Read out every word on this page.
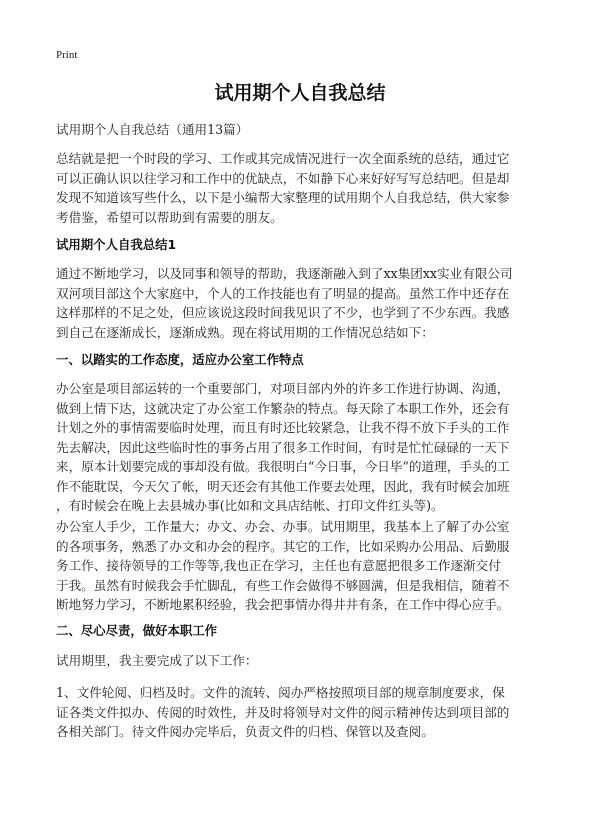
Print
试用期个人自我总结
试用期个人自我总结（通用13篇）
总结就是把一个时段的学习、工作或其完成情况进行一次全面系统的总结，通过它
可以正确认识以往学习和工作中的优缺点，不如静下心来好好写写总结吧。但是却
发现不知道该写些什么，以下是小编帮大家整理的试用期个人自我总结，供大家参
考借鉴，希望可以帮助到有需要的朋友。
试用期个人自我总结1
通过不断地学习，以及同事和领导的帮助，我逐渐融入到了xx集团xx实业有限公司
双河项目部这个大家庭中，个人的工作技能也有了明显的提高。虽然工作中还存在
这样那样的不足之处，但应该说这段时间我见识了不少，也学到了不少东西。我感
到自己在逐渐成长，逐渐成熟。现在将试用期的工作情况总结如下：
一、以踏实的工作态度，适应办公室工作特点
办公室是项目部运转的一个重要部门，对项目部内外的许多工作进行协调、沟通，
做到上情下达，这就决定了办公室工作繁杂的特点。每天除了本职工作外，还会有
计划之外的事情需要临时处理，而且有时还比较紧急，让我不得不放下手头的工作
先去解决，因此这些临时性的事务占用了很多工作时间，有时是忙忙碌碌的一天下
来，原本计划要完成的事却没有做。我很明白“今日事，今日毕”的道理，手头的工
作不能耽误，今天欠了帐，明天还会有其他工作要去处理，因此，我有时候会加班
，有时候会在晚上去县城办事(比如和文具店结帐、打印文件红头等)。
办公室人手少，工作量大；办文、办会、办事。试用期里，我基本上了解了办公室
的各项事务，熟悉了办文和办会的程序。其它的工作，比如采购办公用品、后勤服
务工作、接待领导的工作等等,我也正在学习，主任也有意愿把很多工作逐渐交付
于我。虽然有时候我会手忙脚乱，有些工作会做得不够圆满，但是我相信，随着不
断地努力学习，不断地累积经验，我会把事情办得井井有条，在工作中得心应手。
二、尽心尽责，做好本职工作
试用期里，我主要完成了以下工作：
1、文件轮阅、归档及时。文件的流转、阅办严格按照项目部的规章制度要求，保
证各类文件拟办、传阅的时效性，并及时将领导对文件的阅示精神传达到项目部的
各相关部门。待文件阅办完毕后，负责文件的归档、保管以及查阅。
